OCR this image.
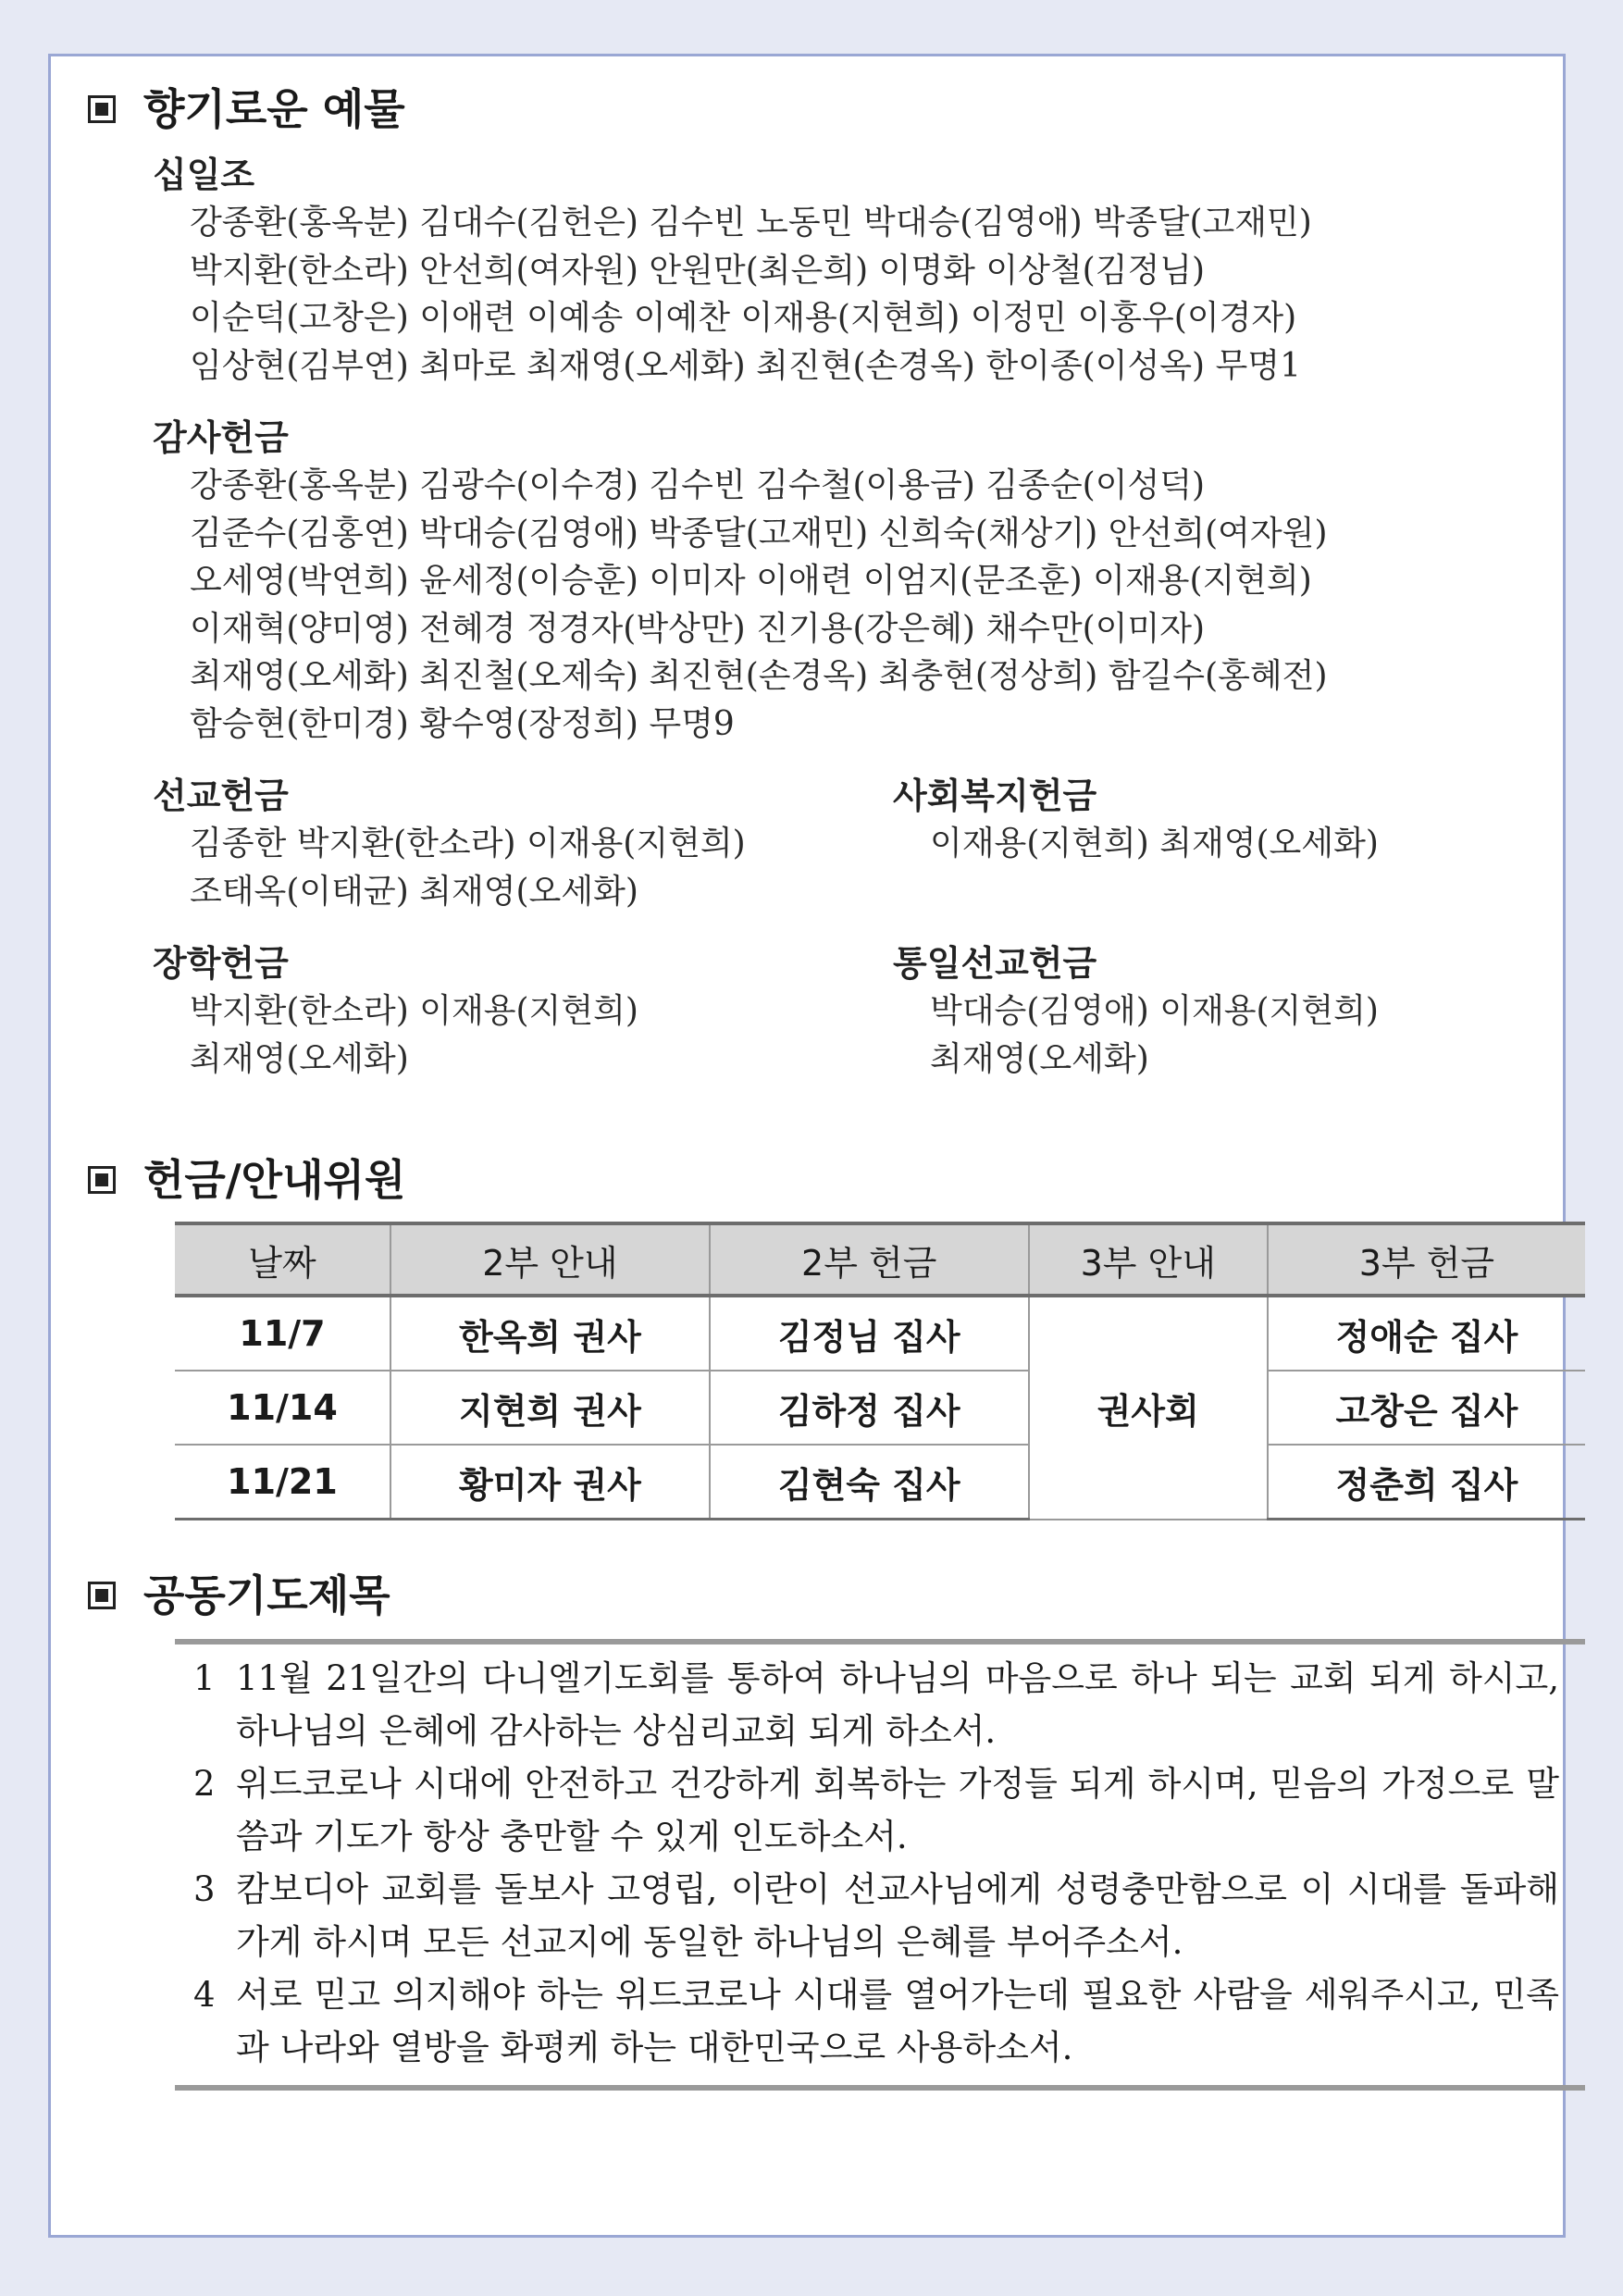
향기로운 예물
십일조
강종환(홍옥분) 김대수(김헌은) 김수빈 노동민 박대승(김영애) 박종달(고재민)
박지환(한소라) 안선희(여자원) 안원만(최은희) 이명화 이상철(김정님)
이순덕(고창은) 이애련 이예송 이예찬 이재용(지현희) 이정민 이홍우(이경자)
임상현(김부연) 최마로 최재영(오세화) 최진현(손경옥) 한이종(이성옥) 무명1
감사헌금
강종환(홍옥분) 김광수(이수경) 김수빈 김수철(이용금) 김종순(이성덕)
김준수(김홍연) 박대승(김영애) 박종달(고재민) 신희숙(채상기) 안선희(여자원)
오세영(박연희) 윤세정(이승훈) 이미자 이애련 이엄지(문조훈) 이재용(지현희)
이재혁(양미영) 전혜경 정경자(박상만) 진기용(강은혜) 채수만(이미자)
최재영(오세화) 최진철(오제숙) 최진현(손경옥) 최충현(정상희) 함길수(홍혜전)
함승현(한미경) 황수영(장정희) 무명9
선교헌금
김종한 박지환(한소라) 이재용(지현희)
조태옥(이태균) 최재영(오세화)
사회복지헌금
이재용(지현희) 최재영(오세화)
장학헌금
박지환(한소라) 이재용(지현희)
최재영(오세화)
통일선교헌금
박대승(김영애) 이재용(지현희)
최재영(오세화)
헌금/안내위원
날짜	2부 안내	2부 헌금	3부 안내	3부 헌금
11/7	한옥희 권사	김정님 집사	권사회	정애순 집사
11/14	지현희 권사	김하정 집사		고창은 집사
11/21	황미자 권사	김현숙 집사		정춘희 집사
공동기도제목
1 11월 21일간의 다니엘기도회를 통하여 하나님의 마음으로 하나 되는 교회 되게 하시고, 하나님의 은혜에 감사하는 상심리교회 되게 하소서.
2 위드코로나 시대에 안전하고 건강하게 회복하는 가정들 되게 하시며, 믿음의 가정으로 말씀과 기도가 항상 충만할 수 있게 인도하소서.
3 캄보디아 교회를 돌보사 고영립, 이란이 선교사님에게 성령충만함으로 이 시대를 돌파해가게 하시며 모든 선교지에 동일한 하나님의 은혜를 부어주소서.
4 서로 믿고 의지해야 하는 위드코로나 시대를 열어가는데 필요한 사람을 세워주시고, 민족과 나라와 열방을 화평케 하는 대한민국으로 사용하소서.
